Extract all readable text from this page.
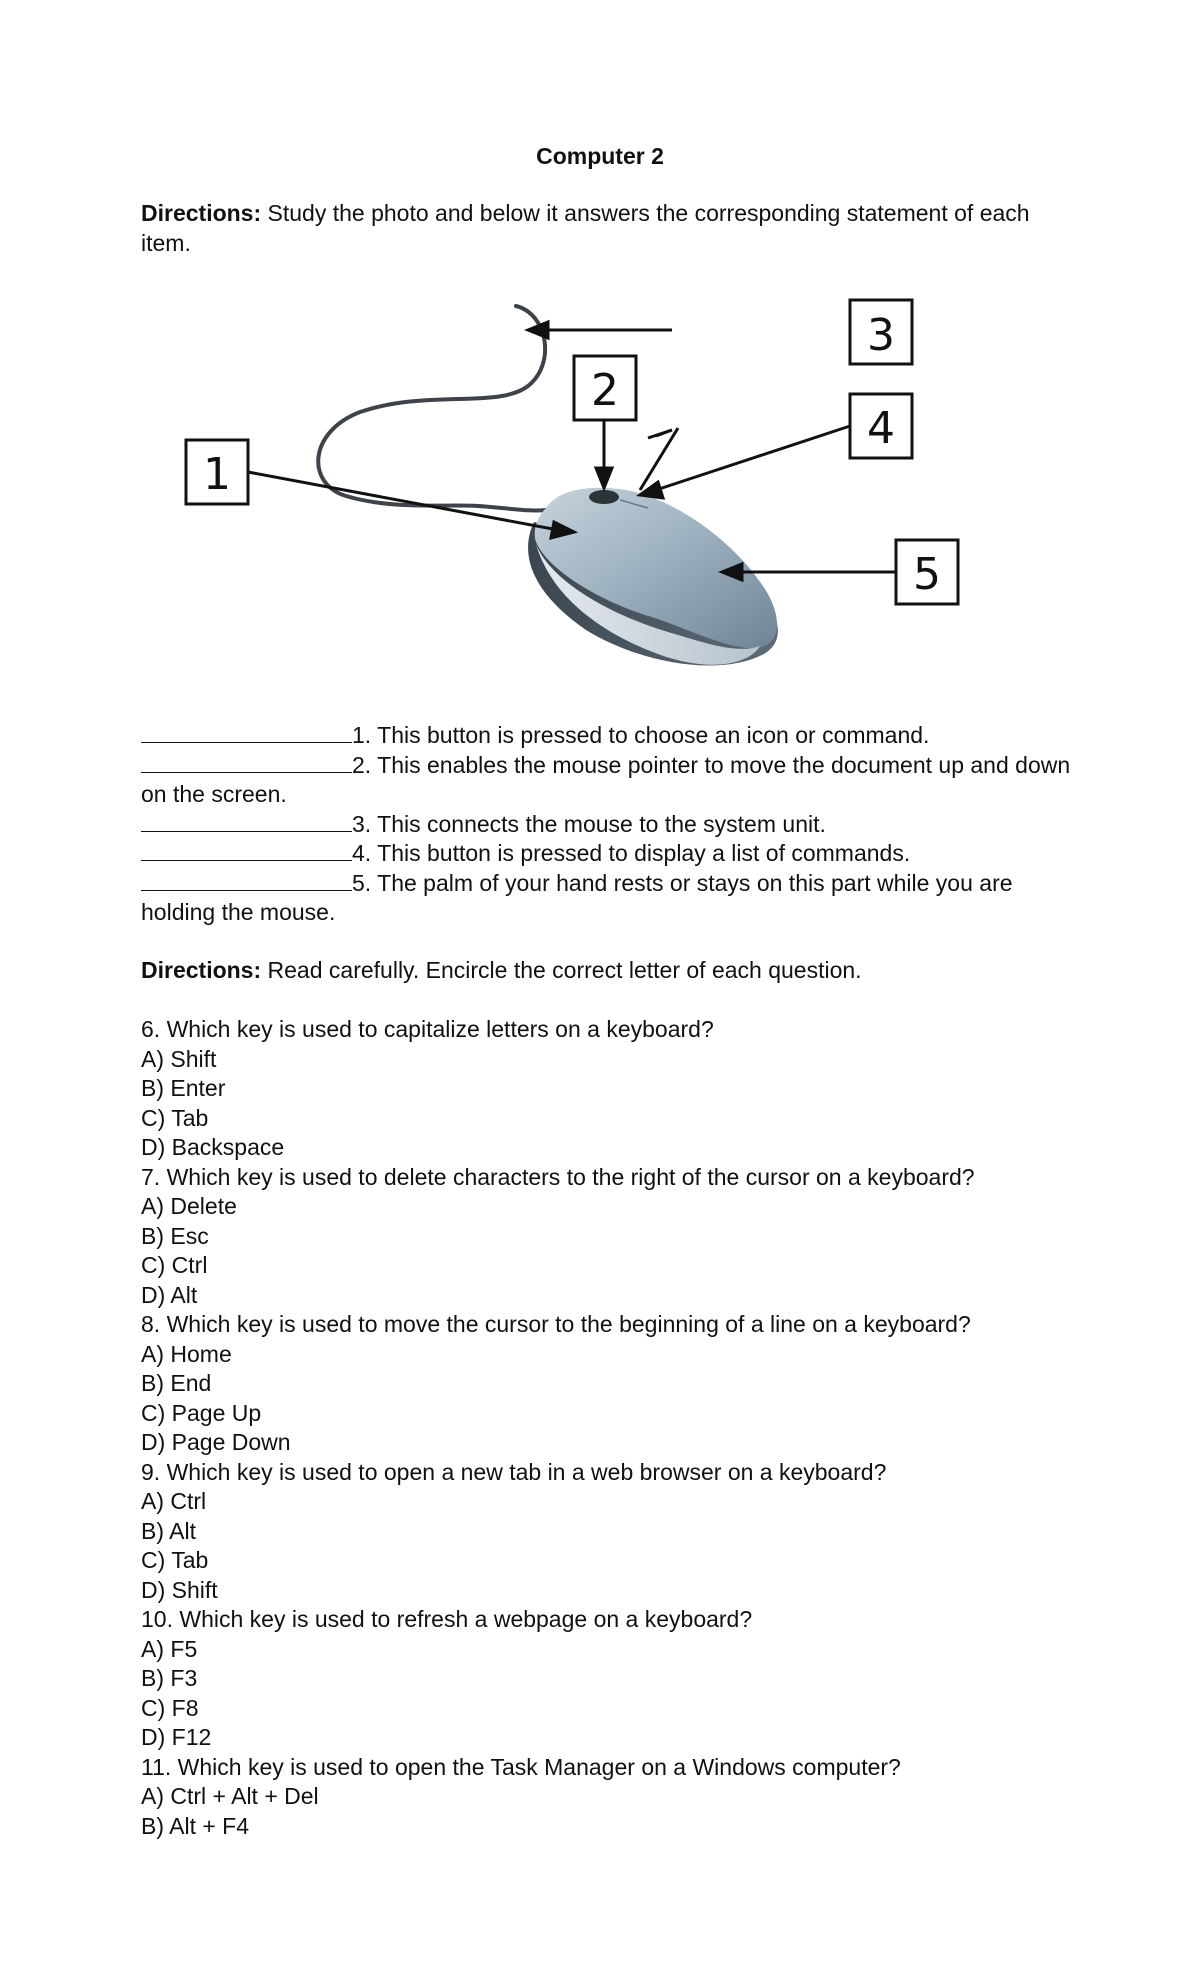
Computer 2
Directions: Study the photo and below it answers the corresponding statement of each item.
3
2
4
1
5
1. This button is pressed to choose an icon or command.
2. This enables the mouse pointer to move the document up and down on the screen.
3. This connects the mouse to the system unit.
4. This button is pressed to display a list of commands.
5. The palm of your hand rests or stays on this part while you are holding the mouse.
Directions: Read carefully. Encircle the correct letter of each question.
6. Which key is used to capitalize letters on a keyboard?
A) Shift
B) Enter
C) Tab
D) Backspace
7. Which key is used to delete characters to the right of the cursor on a keyboard?
A) Delete
B) Esc
C) Ctrl
D) Alt
8. Which key is used to move the cursor to the beginning of a line on a keyboard?
A) Home
B) End
C) Page Up
D) Page Down
9. Which key is used to open a new tab in a web browser on a keyboard?
A) Ctrl
B) Alt
C) Tab
D) Shift
10. Which key is used to refresh a webpage on a keyboard?
A) F5
B) F3
C) F8
D) F12
11. Which key is used to open the Task Manager on a Windows computer?
A) Ctrl + Alt + Del
B) Alt + F4
